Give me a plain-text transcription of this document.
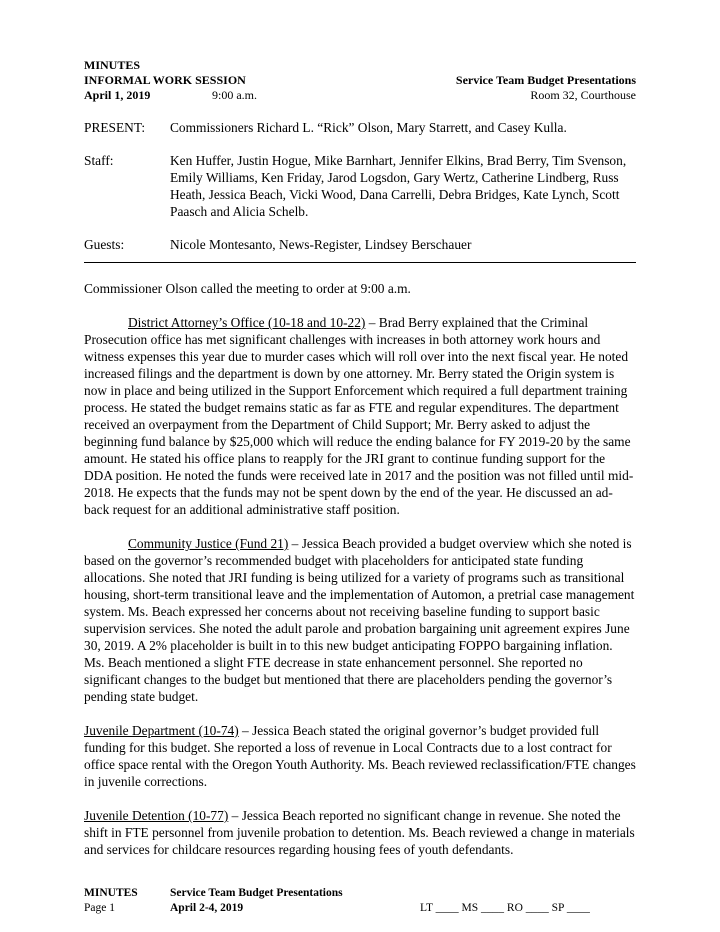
MINUTES
INFORMAL WORK SESSION	Service Team Budget Presentations
April 1, 2019	9:00 a.m.	Room 32, Courthouse
PRESENT:	Commissioners Richard L. “Rick” Olson, Mary Starrett, and Casey Kulla.
Staff:	Ken Huffer, Justin Hogue, Mike Barnhart, Jennifer Elkins, Brad Berry, Tim Svenson, Emily Williams, Ken Friday, Jarod Logsdon, Gary Wertz, Catherine Lindberg, Russ Heath, Jessica Beach, Vicki Wood, Dana Carrelli, Debra Bridges, Kate Lynch, Scott Paasch and Alicia Schelb.
Guests:	Nicole Montesanto, News-Register, Lindsey Berschauer

Commissioner Olson called the meeting to order at 9:00 a.m.

District Attorney’s Office (10-18 and 10-22) – Brad Berry explained that the Criminal Prosecution office has met significant challenges with increases in both attorney work hours and witness expenses this year due to murder cases which will roll over into the next fiscal year. He noted increased filings and the department is down by one attorney. Mr. Berry stated the Origin system is now in place and being utilized in the Support Enforcement which required a full department training process. He stated the budget remains static as far as FTE and regular expenditures. The department received an overpayment from the Department of Child Support; Mr. Berry asked to adjust the beginning fund balance by $25,000 which will reduce the ending balance for FY 2019-20 by the same amount. He stated his office plans to reapply for the JRI grant to continue funding support for the DDA position. He noted the funds were received late in 2017 and the position was not filled until mid-2018. He expects that the funds may not be spent down by the end of the year. He discussed an ad-back request for an additional administrative staff position.

Community Justice (Fund 21) – Jessica Beach provided a budget overview which she noted is based on the governor’s recommended budget with placeholders for anticipated state funding allocations. She noted that JRI funding is being utilized for a variety of programs such as transitional housing, short-term transitional leave and the implementation of Automon, a pretrial case management system. Ms. Beach expressed her concerns about not receiving baseline funding to support basic supervision services. She noted the adult parole and probation bargaining unit agreement expires June 30, 2019. A 2% placeholder is built in to this new budget anticipating FOPPO bargaining inflation. Ms. Beach mentioned a slight FTE decrease in state enhancement personnel. She reported no significant changes to the budget but mentioned that there are placeholders pending the governor’s pending state budget.

Juvenile Department (10-74) – Jessica Beach stated the original governor’s budget provided full funding for this budget. She reported a loss of revenue in Local Contracts due to a lost contract for office space rental with the Oregon Youth Authority. Ms. Beach reviewed reclassification/FTE changes in juvenile corrections.

Juvenile Detention (10-77) – Jessica Beach reported no significant change in revenue. She noted the shift in FTE personnel from juvenile probation to detention. Ms. Beach reviewed a change in materials and services for childcare resources regarding housing fees of youth defendants.

MINUTES	Service Team Budget Presentations
Page 1	April 2-4, 2019	LT ____ MS ____ RO ____ SP ____
